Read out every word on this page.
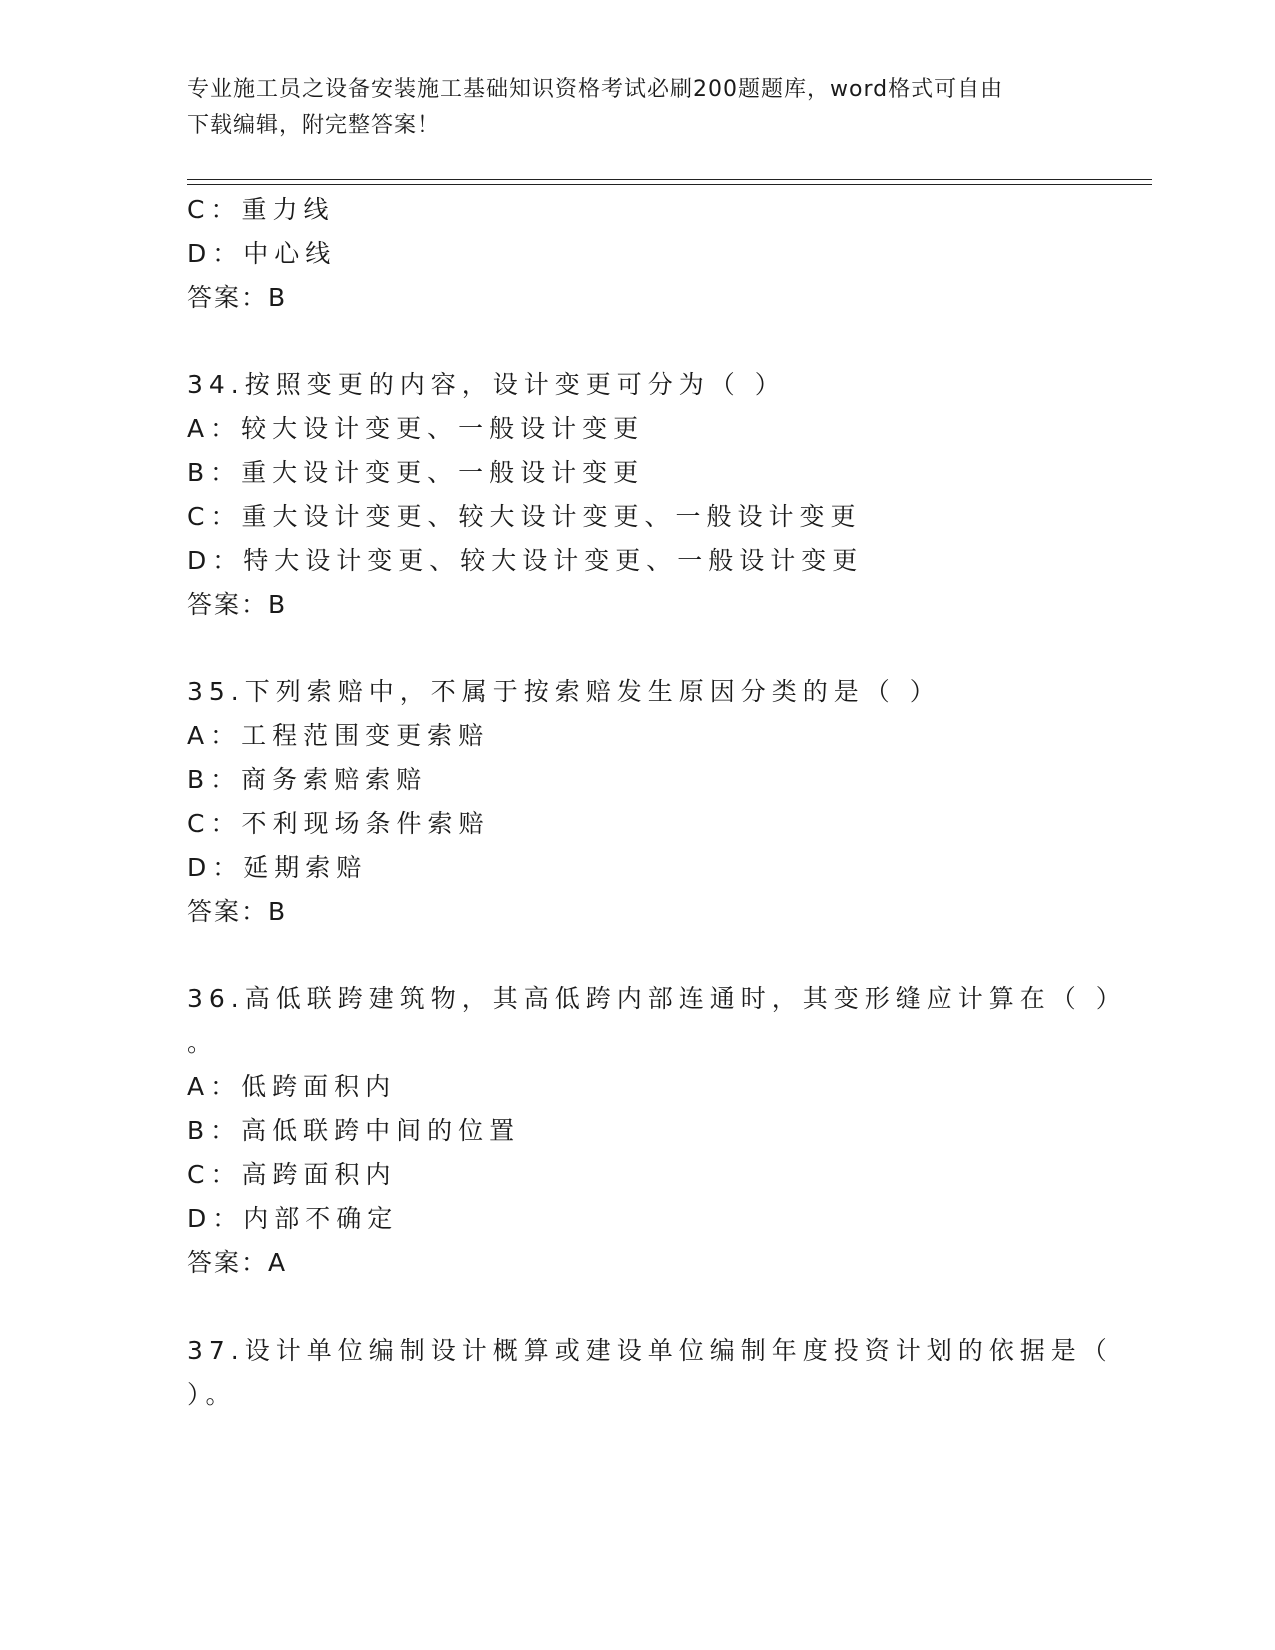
专业施工员之设备安装施工基础知识资格考试必刷200题题库，word格式可自由
下载编辑，附完整答案！
C：重力线
D：中心线
答案：B
34.按照变更的内容，设计变更可分为（ ）
A：较大设计变更、一般设计变更
B：重大设计变更、一般设计变更
C：重大设计变更、较大设计变更、一般设计变更
D：特大设计变更、较大设计变更、一般设计变更
答案：B
35.下列索赔中，不属于按索赔发生原因分类的是（ ）
A：工程范围变更索赔
B：商务索赔索赔
C：不利现场条件索赔
D：延期索赔
答案：B
36.高低联跨建筑物，其高低跨内部连通时，其变形缝应计算在（ ）
。
A：低跨面积内
B：高低联跨中间的位置
C：高跨面积内
D：内部不确定
答案：A
37.设计单位编制设计概算或建设单位编制年度投资计划的依据是（
）。
